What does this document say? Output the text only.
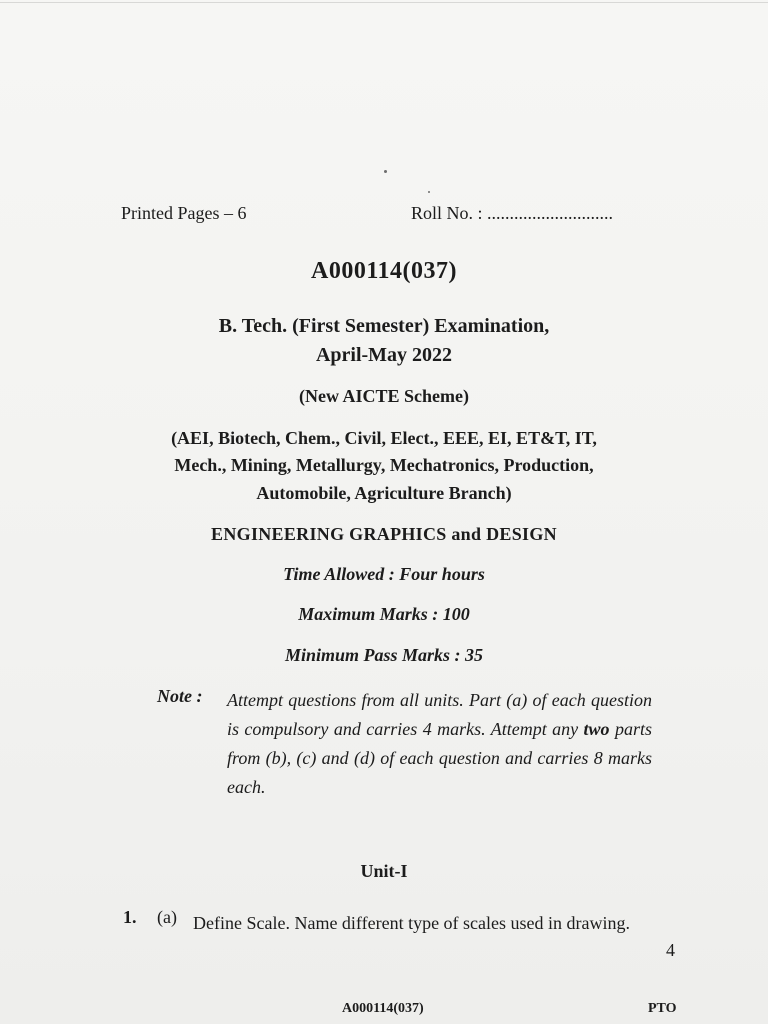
Printed Pages – 6	Roll No. : ............................
A000114(037)
B. Tech. (First Semester) Examination,
April-May 2022
(New AICTE Scheme)
(AEI, Biotech, Chem., Civil, Elect., EEE, EI, ET&T, IT,
Mech., Mining, Metallurgy, Mechatronics, Production,
Automobile, Agriculture Branch)
ENGINEERING GRAPHICS and DESIGN
Time Allowed : Four hours
Maximum Marks : 100
Minimum Pass Marks : 35
Note : Attempt questions from all units. Part (a) of each question is compulsory and carries 4 marks. Attempt any two parts from (b), (c) and (d) of each question and carries 8 marks each.
Unit-I
1. (a) Define Scale. Name different type of scales used in drawing.
4
A000114(037)	PTO
